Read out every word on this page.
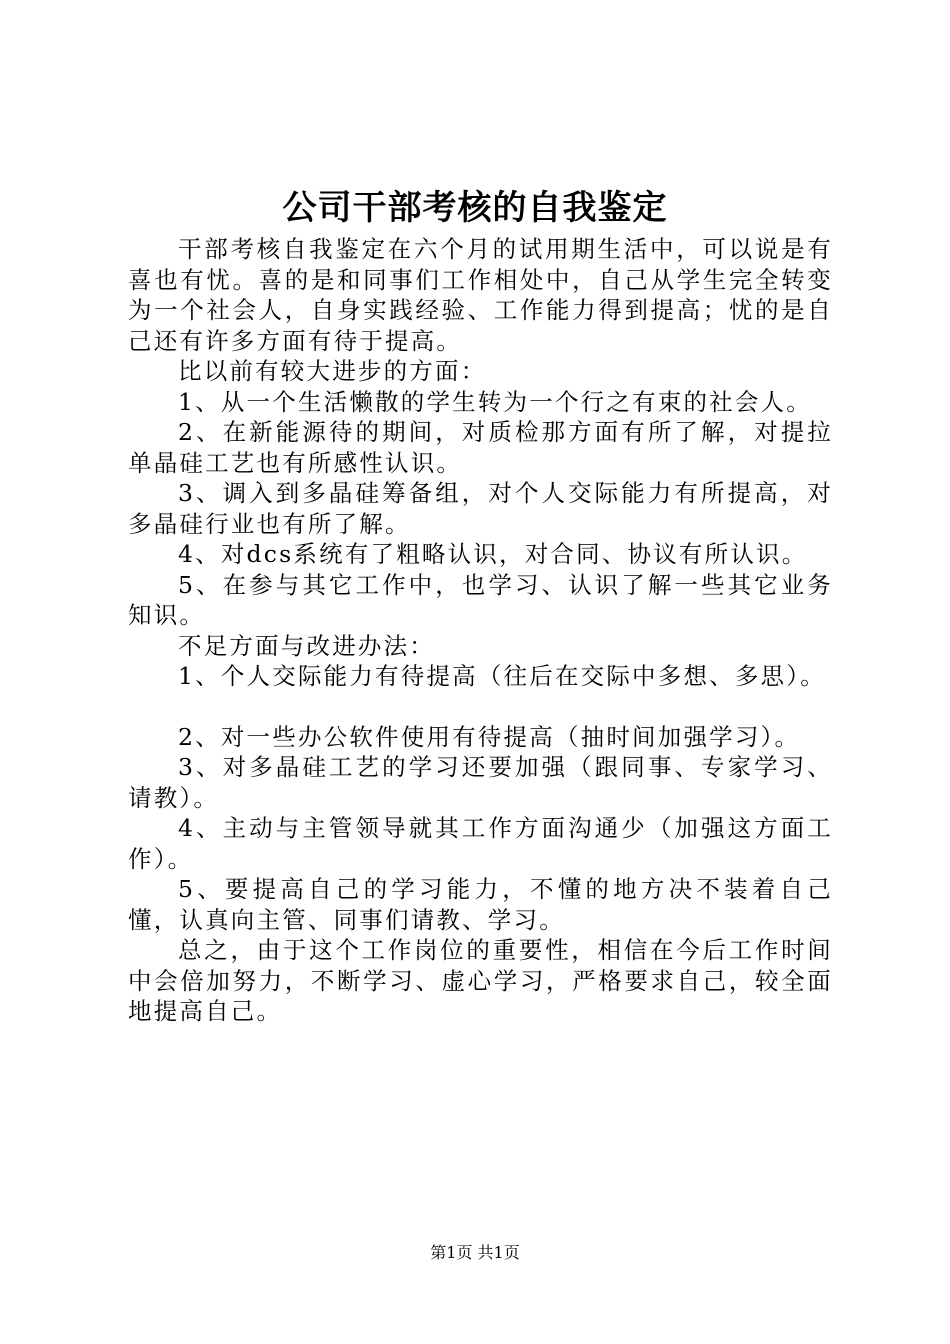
公司干部考核的自我鉴定

干部考核自我鉴定在六个月的试用期生活中，可以说是有喜也有忧。喜的是和同事们工作相处中，自己从学生完全转变为一个社会人，自身实践经验、工作能力得到提高；忧的是自己还有许多方面有待于提高。

比以前有较大进步的方面：

1、从一个生活懒散的学生转为一个行之有束的社会人。

2、在新能源待的期间，对质检那方面有所了解，对提拉单晶硅工艺也有所感性认识。

3、调入到多晶硅筹备组，对个人交际能力有所提高，对多晶硅行业也有所了解。

4、对dcs系统有了粗略认识，对合同、协议有所认识。

5、在参与其它工作中，也学习、认识了解一些其它业务知识。

不足方面与改进办法：

1、个人交际能力有待提高（往后在交际中多想、多思）。

2、对一些办公软件使用有待提高（抽时间加强学习）。

3、对多晶硅工艺的学习还要加强（跟同事、专家学习、请教）。

4、主动与主管领导就其工作方面沟通少（加强这方面工作）。

5、要提高自己的学习能力，不懂的地方决不装着自己懂，认真向主管、同事们请教、学习。

总之，由于这个工作岗位的重要性，相信在今后工作时间中会倍加努力，不断学习、虚心学习，严格要求自己，较全面地提高自己。

第1页 共1页
